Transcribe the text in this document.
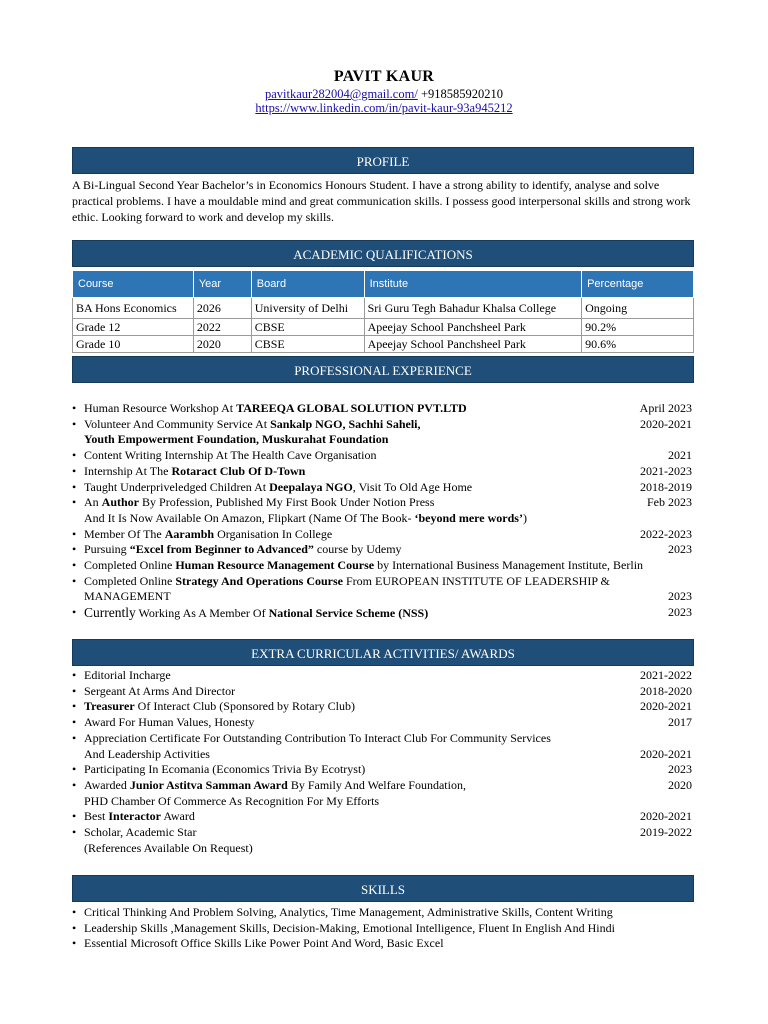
PAVIT KAUR
pavitkaur282004@gmail.com/ +918585920210
https://www.linkedin.com/in/pavit-kaur-93a945212
PROFILE
A Bi-Lingual Second Year Bachelor’s in Economics Honours Student. I have a strong ability to identify, analyse and solve practical problems. I have a mouldable mind and great communication skills. I possess good interpersonal skills and strong work ethic. Looking forward to work and develop my skills.
ACADEMIC QUALIFICATIONS
Course	Year	Board	Institute	Percentage
BA Hons Economics	2026	University of Delhi	Sri Guru Tegh Bahadur Khalsa College	Ongoing
Grade 12	2022	CBSE	Apeejay School Panchsheel Park	90.2%
Grade 10	2020	CBSE	Apeejay School Panchsheel Park	90.6%
PROFESSIONAL EXPERIENCE
• Human Resource Workshop At TAREEQA GLOBAL SOLUTION PVT.LTD	April 2023
• Volunteer And Community Service At Sankalp NGO, Sachhi Saheli,	2020-2021
Youth Empowerment Foundation, Muskurahat Foundation
• Content Writing Internship At The Health Cave Organisation	2021
• Internship At The Rotaract Club Of D-Town	2021-2023
• Taught Underpriveledged Children At Deepalaya NGO, Visit To Old Age Home	2018-2019
• An Author By Profession, Published My First Book Under Notion Press	Feb 2023
And It Is Now Available On Amazon, Flipkart (Name Of The Book- ‘beyond mere words’)
• Member Of The Aarambh Organisation In College	2022-2023
• Pursuing “Excel from Beginner to Advanced” course by Udemy	2023
• Completed Online Human Resource Management Course by International Business Management Institute, Berlin
• Completed Online Strategy And Operations Course From EUROPEAN INSTITUTE OF LEADERSHIP &
MANAGEMENT	2023
• Currently Working As A Member Of National Service Scheme (NSS)	2023
EXTRA CURRICULAR ACTIVITIES/ AWARDS
• Editorial Incharge	2021-2022
• Sergeant At Arms And Director	2018-2020
• Treasurer Of Interact Club (Sponsored by Rotary Club)	2020-2021
• Award For Human Values, Honesty	2017
• Appreciation Certificate For Outstanding Contribution To Interact Club For Community Services
And Leadership Activities	2020-2021
• Participating In Ecomania (Economics Trivia By Ecotryst)	2023
• Awarded Junior Astitva Samman Award By Family And Welfare Foundation,	2020
PHD Chamber Of Commerce As Recognition For My Efforts
• Best Interactor Award	2020-2021
• Scholar, Academic Star	2019-2022
(References Available On Request)
SKILLS
• Critical Thinking And Problem Solving, Analytics, Time Management, Administrative Skills, Content Writing
• Leadership Skills ,Management Skills, Decision-Making, Emotional Intelligence, Fluent In English And Hindi
• Essential Microsoft Office Skills Like Power Point And Word, Basic Excel
